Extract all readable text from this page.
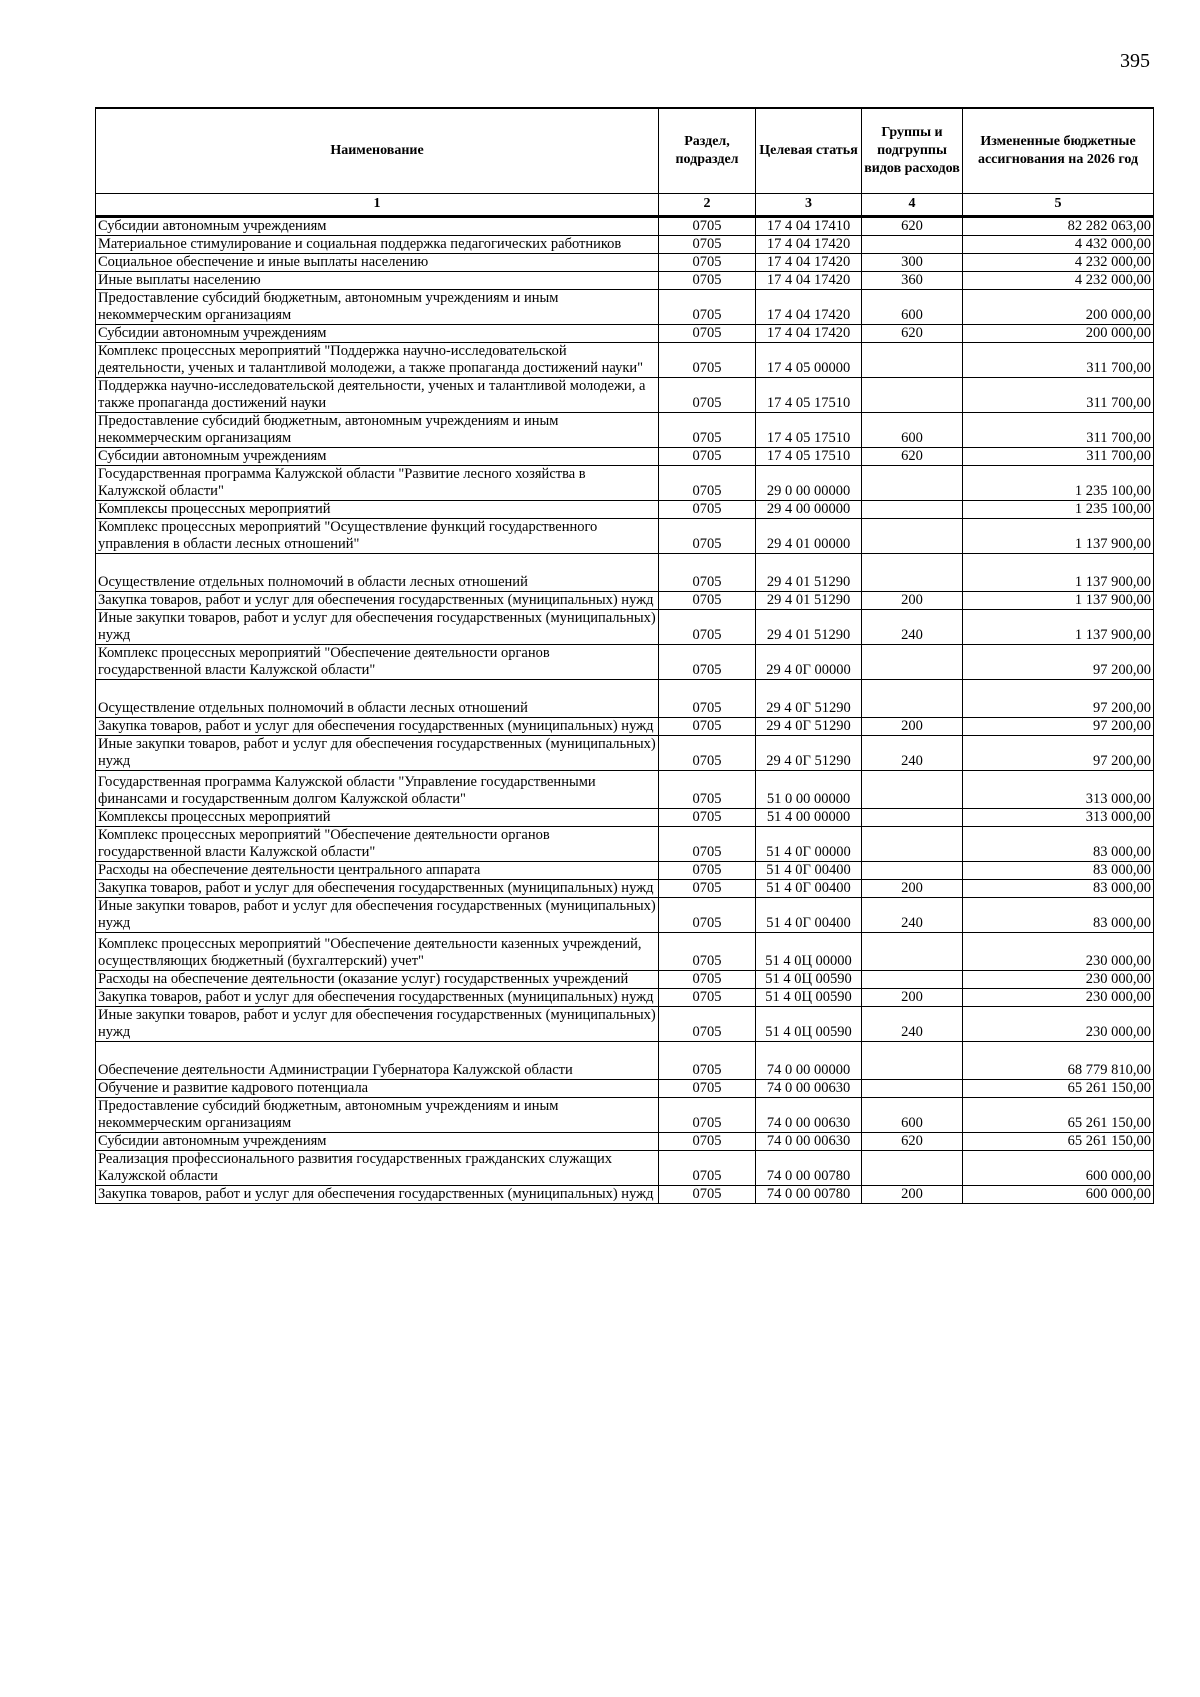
395
Наименование	Раздел, подраздел	Целевая статья	Группы и подгруппы видов расходов	Измененные бюджетные ассигнования на 2026 год
1	2	3	4	5
Субсидии автономным учреждениям	0705	17 4 04 17410	620	82 282 063,00
Материальное стимулирование и социальная поддержка педагогических работников	0705	17 4 04 17420		4 432 000,00
Социальное обеспечение и иные выплаты населению	0705	17 4 04 17420	300	4 232 000,00
Иные выплаты населению	0705	17 4 04 17420	360	4 232 000,00
Предоставление субсидий бюджетным, автономным учреждениям и иным некоммерческим организациям	0705	17 4 04 17420	600	200 000,00
Субсидии автономным учреждениям	0705	17 4 04 17420	620	200 000,00
Комплекс процессных мероприятий "Поддержка научно-исследовательской деятельности, ученых и талантливой молодежи, а также пропаганда достижений науки"	0705	17 4 05 00000		311 700,00
Поддержка научно-исследовательской деятельности, ученых и талантливой молодежи, а также пропаганда достижений науки	0705	17 4 05 17510		311 700,00
Предоставление субсидий бюджетным, автономным учреждениям и иным некоммерческим организациям	0705	17 4 05 17510	600	311 700,00
Субсидии автономным учреждениям	0705	17 4 05 17510	620	311 700,00
Государственная программа Калужской области "Развитие лесного хозяйства в Калужской области"	0705	29 0 00 00000		1 235 100,00
Комплексы процессных мероприятий	0705	29 4 00 00000		1 235 100,00
Комплекс процессных мероприятий "Осуществление функций государственного управления в области лесных отношений"	0705	29 4 01 00000		1 137 900,00
Осуществление отдельных полномочий в области лесных отношений	0705	29 4 01 51290		1 137 900,00
Закупка товаров, работ и услуг для обеспечения государственных (муниципальных) нужд	0705	29 4 01 51290	200	1 137 900,00
Иные закупки товаров, работ и услуг для обеспечения государственных (муниципальных) нужд	0705	29 4 01 51290	240	1 137 900,00
Комплекс процессных мероприятий "Обеспечение деятельности органов государственной власти Калужской области"	0705	29 4 0Г 00000		97 200,00
Осуществление отдельных полномочий в области лесных отношений	0705	29 4 0Г 51290		97 200,00
Закупка товаров, работ и услуг для обеспечения государственных (муниципальных) нужд	0705	29 4 0Г 51290	200	97 200,00
Иные закупки товаров, работ и услуг для обеспечения государственных (муниципальных) нужд	0705	29 4 0Г 51290	240	97 200,00
Государственная программа Калужской области "Управление государственными финансами и государственным долгом Калужской области"	0705	51 0 00 00000		313 000,00
Комплексы процессных мероприятий	0705	51 4 00 00000		313 000,00
Комплекс процессных мероприятий "Обеспечение деятельности органов государственной власти Калужской области"	0705	51 4 0Г 00000		83 000,00
Расходы на обеспечение деятельности центрального аппарата	0705	51 4 0Г 00400		83 000,00
Закупка товаров, работ и услуг для обеспечения государственных (муниципальных) нужд	0705	51 4 0Г 00400	200	83 000,00
Иные закупки товаров, работ и услуг для обеспечения государственных (муниципальных) нужд	0705	51 4 0Г 00400	240	83 000,00
Комплекс процессных мероприятий "Обеспечение деятельности казенных учреждений, осуществляющих бюджетный (бухгалтерский) учет"	0705	51 4 0Ц 00000		230 000,00
Расходы на обеспечение деятельности (оказание услуг) государственных учреждений	0705	51 4 0Ц 00590		230 000,00
Закупка товаров, работ и услуг для обеспечения государственных (муниципальных) нужд	0705	51 4 0Ц 00590	200	230 000,00
Иные закупки товаров, работ и услуг для обеспечения государственных (муниципальных) нужд	0705	51 4 0Ц 00590	240	230 000,00
Обеспечение деятельности Администрации Губернатора Калужской области	0705	74 0 00 00000		68 779 810,00
Обучение и развитие кадрового потенциала	0705	74 0 00 00630		65 261 150,00
Предоставление субсидий бюджетным, автономным учреждениям и иным некоммерческим организациям	0705	74 0 00 00630	600	65 261 150,00
Субсидии автономным учреждениям	0705	74 0 00 00630	620	65 261 150,00
Реализация профессионального развития государственных гражданских служащих Калужской области	0705	74 0 00 00780		600 000,00
Закупка товаров, работ и услуг для обеспечения государственных (муниципальных) нужд	0705	74 0 00 00780	200	600 000,00
